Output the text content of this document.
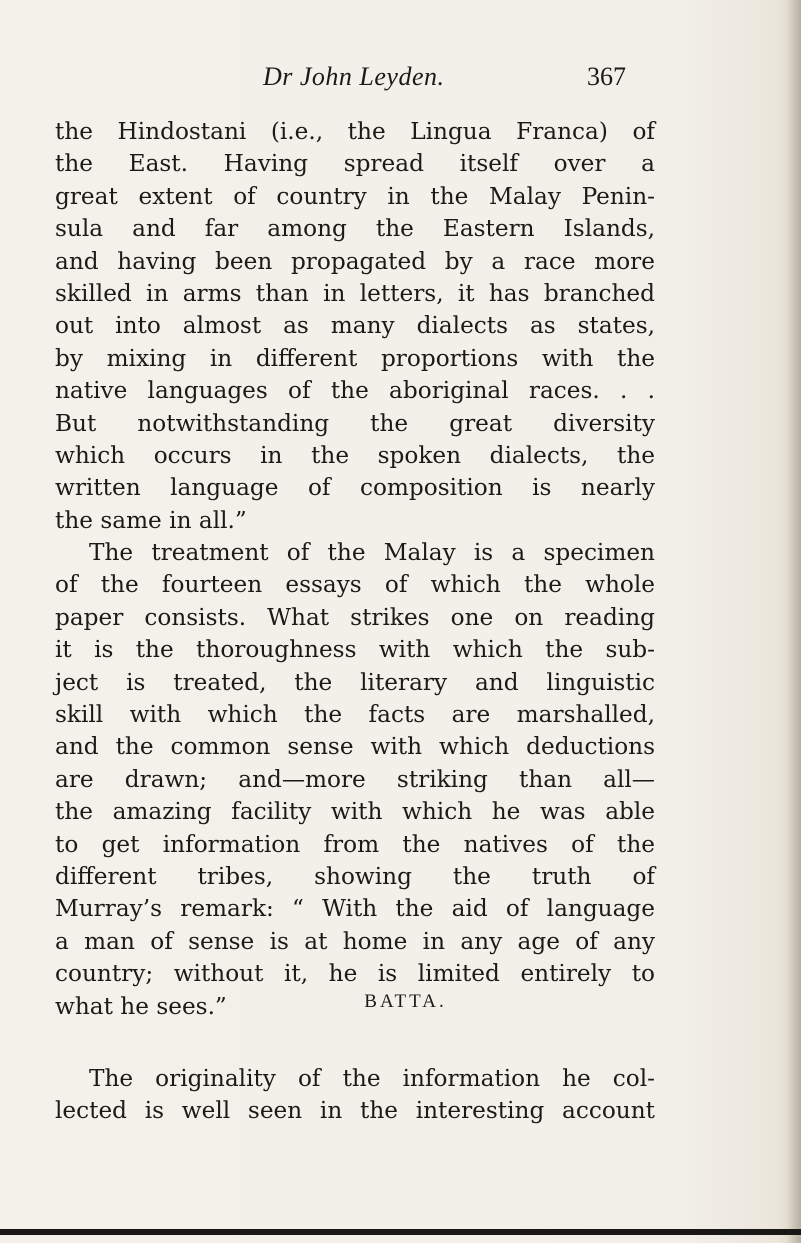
Dr John Leyden.	367
the Hindostani (i.e., the Lingua Franca) of
the East. Having spread itself over a
great extent of country in the Malay Penin-
sula and far among the Eastern Islands,
and having been propagated by a race more
skilled in arms than in letters, it has branched
out into almost as many dialects as states,
by mixing in different proportions with the
native languages of the aboriginal races. . .
But notwithstanding the great diversity
which occurs in the spoken dialects, the
written language of composition is nearly
the same in all.”
The treatment of the Malay is a specimen
of the fourteen essays of which the whole
paper consists. What strikes one on reading
it is the thoroughness with which the sub-
ject is treated, the literary and linguistic
skill with which the facts are marshalled,
and the common sense with which deductions
are drawn; and—more striking than all—
the amazing facility with which he was able
to get information from the natives of the
different tribes, showing the truth of
Murray’s remark: “ With the aid of language
a man of sense is at home in any age of any
country; without it, he is limited entirely to
what he sees.”	BATTA.
The originality of the information he col-
lected is well seen in the interesting account
